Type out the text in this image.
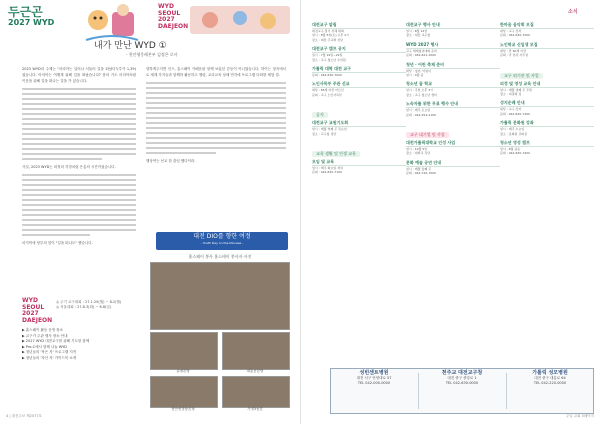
두근곤
2027 WYD
WYD
SEOUL
2027
DAEJEON
내가 만난 WYD ①
- 천안영웅레본부 김정은 로사

2023 WYD의 주제는 "마리아는 일어나 서둘러 길을 떠났다"(루카 1,39)였습니다. 아마아는 여행계 위해 길을 떠났습니다? 몸의 기도 마리아처럼 이웃을 위해 길을 떠나는 길을 가 있습니다.

사실, 2023 WYD는 피정의 걱정처럼 은총의 시간이었습니다.

마지막에 당부의 말이 "길을 떠나도" 했습니다.

향하게주지면 인으, 흥스페이 카페운판 함께 보았던 감동이 아니였습니다. 하이는 청지에서 로 세계 각지들과 함께하 활동하고 행령, 교리교육 상헤 연각에 프로그램 다화를 체험 결.

행상여는 선교 한 출임 했다이라.

WYD
SEOUL
2027
DAEJEON
◎ 주기 교구대회 : 27.1.29(월) ~ 8.2(월)
◎ 서울대회 : 27.8.3(화) ~ 8.8(일)
▶ 홈스페이 활동 운영 장소
▶ 교구가 주관 행사 장소 안내
▶ 2027 WYD 대전교구를 위해 기도함 함께
▶ Pre-C에서 함께 나눌 WYD
▶ 청년들의 '작은 자' 프로그램 지적
▶ 청년들의 '자산 자' 가이드북 소개
대전 DIO를 향한 여정
- Youth Day on the Diocese -
홈스페이 봉사 홈스테이 봉사자 사진
유평본당	대흥동본당
천안성정동본당	가정3동본
4 | 대전주보 제2077호
소식
대전교구 알림
대전교구 정기 성체 대회
일시 : 8월 5일(토) 오후 2시
장소 : 대전 주교좌 성당
대전교구 캠프 공지
일시 : 7월 19일~22일
장소 : 교구 청소년 수련원
가톨릭 대학 대전 교구
문의 : 042-630-7000
노인사목부 주관 선교
대상 : 65세 이상 어르신
문의 : 교구 노인사목부
공지
대전교구 교원기도회
일시 : 매월 첫째 주 목요일
장소 : 교구청 성당
교육 생활 및 인생 교육
모임 및 교육
일시 : 매주 화요일 저녁
문의 : 042-630-7100
대전교구 행사 안내
일시 : 8월 12일
장소 : 대전 교구청
WYD 2027 행사
교구 세계청년대회 준비
문의 : 042-621-1000
청년 · 어린 축제 준비
대상 : 청년, 어린이
일시 : 9월 중
청소년 꿈 학교
일시 : 주일 오후 3시
장소 : 교구 청소년 센터
노숙자를 위한 무료 행사 안내
일시 : 매주 토요일
문의 : 042-254-2100
교구 대기업 및 사업
대전가톨릭대학교 인성 사업
일시 : 10월 5일
장소 : 대학교 강당
문화 예술 공연 안내
일시 : 매월 둘째 주
문의 : 042-720-7000
한마음 음악회 모집
대상 : 교구 신자
문의 : 042-630-7200
노인학교 신입생 모집
대상 : 만 60세 이상
문의 : 각 본당 사무실
교구 외기관 및 사업
피정 및 영성 교육 안내
일시 : 매월 넷째 주 주말
장소 : 피정의 집
성지순례 안내
대상 : 교구 신자
문의 : 042-630-7300
가톨릭 문화원 강좌
일시 : 매주 수요일
장소 : 문화원 강의실
청소년 영성 캠프
일시 : 8월 중순
문의 : 042-630-7400
성빈센트병원
대전 서구 안양대로 57
TEL 042-000-0000
천주교 대전교구청
대전 중구 중앙로 1
TEL 042-630-0000
가톨릭 성모병원
대전 중구 대흥로 64
TEL 042-220-0000
주일 교회 5페이지
